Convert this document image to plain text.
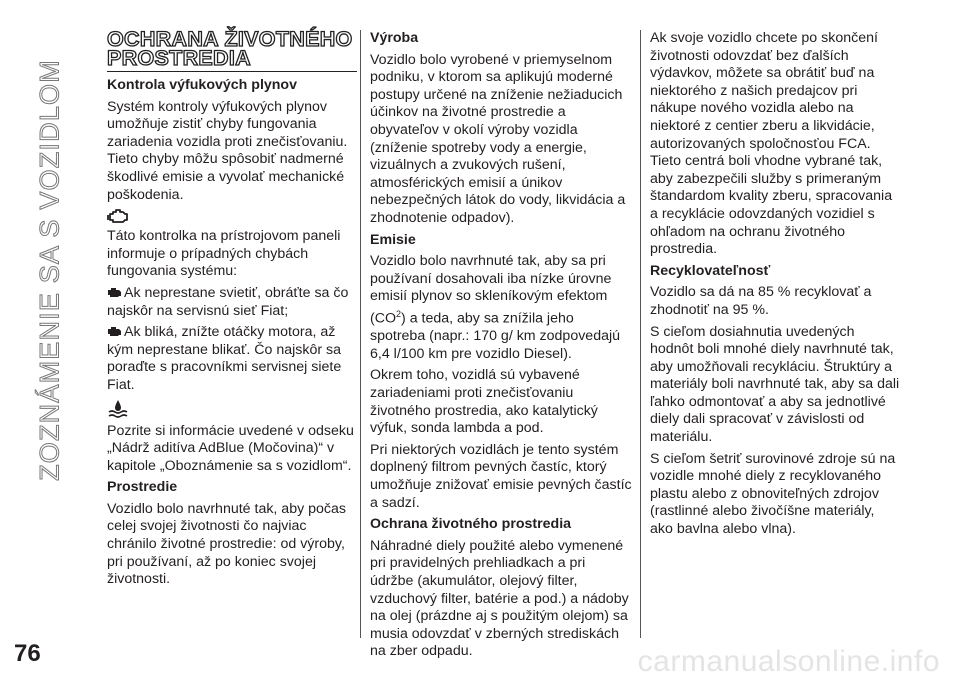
ZOZNÁMENIE SA S VOZIDLOM
OCHRANA ŽIVOTNÉHO PROSTREDIA
Kontrola výfukových plynov

Systém kontroly výfukových plynov umožňuje zistiť chyby fungovania zariadenia vozidla proti znečisťovaniu. Tieto chyby môžu spôsobiť nadmerné škodlivé emisie a vyvolať mechanické poškodenia.

Táto kontrolka na prístrojovom paneli informuje o prípadných chybách fungovania systému:

Ak neprestane svietiť, obráťte sa čo najskôr na servisnú sieť Fiat;

Ak bliká, znížte otáčky motora, až kým neprestane blikať. Čo najskôr sa poraďte s pracovníkmi servisnej siete Fiat.

Pozrite si informácie uvedené v odseku „Nádrž aditíva AdBlue (Močovina)“ v kapitole „Oboznámenie sa s vozidlom“.

Prostredie

Vozidlo bolo navrhnuté tak, aby počas celej svojej životnosti čo najviac chránilo životné prostredie: od výroby, pri používaní, až po koniec svojej životnosti.

Výroba

Vozidlo bolo vyrobené v priemyselnom podniku, v ktorom sa aplikujú moderné postupy určené na zníženie nežiaducich účinkov na životné prostredie a obyvateľov v okolí výroby vozidla (zníženie spotreby vody a energie, vizuálnych a zvukových rušení, atmosférických emisií a únikov nebezpečných látok do vody, likvidácia a zhodnotenie odpadov).

Emisie

Vozidlo bolo navrhnuté tak, aby sa pri používaní dosahovali iba nízke úrovne emisií plynov so skleníkovým efektom $(CO^2)$ a teda, aby sa znížila jeho spotreba (napr.: 170 g/ km zodpovedajú 6,4 l/100 km pre vozidlo Diesel).

Okrem toho, vozidlá sú vybavené zariadeniami proti znečisťovaniu životného prostredia, ako katalytický výfuk, sonda lambda a pod.

Pri niektorých vozidlách je tento systém doplnený filtrom pevných častíc, ktorý umožňuje znižovať emisie pevných častíc a sadzí.

Ochrana životného prostredia

Náhradné diely použité alebo vymenené pri pravidelných prehliadkach a pri údržbe (akumulátor, olejový filter, vzduchový filter, batérie a pod.) a nádoby na olej (prázdne aj s použitým olejom) sa musia odovzdať v zberných strediskách na zber odpadu.

Ak svoje vozidlo chcete po skončení životnosti odovzdať bez ďalších výdavkov, môžete sa obrátiť buď na niektorého z našich predajcov pri nákupe nového vozidla alebo na niektoré z centier zberu a likvidácie, autorizovaných spoločnosťou FCA. Tieto centrá boli vhodne vybrané tak, aby zabezpečili služby s primeraným štandardom kvality zberu, spracovania a recyklácie odovzdaných vozidiel s ohľadom na ochranu životného prostredia.

Recyklovateľnosť

Vozidlo sa dá na 85 % recyklovať a zhodnotiť na 95 %.

S cieľom dosiahnutia uvedených hodnôt boli mnohé diely navrhnuté tak, aby umožňovali recykláciu. Štruktúry a materiály boli navrhnuté tak, aby sa dali ľahko odmontovať a aby sa jednotlivé diely dali spracovať v závislosti od materiálu.

S cieľom šetriť surovinové zdroje sú na vozidle mnohé diely z recyklovaného plastu alebo z obnoviteľných zdrojov (rastlinné alebo živočíšne materiály, ako bavlna alebo vlna).

76	carmanualsonline.info
